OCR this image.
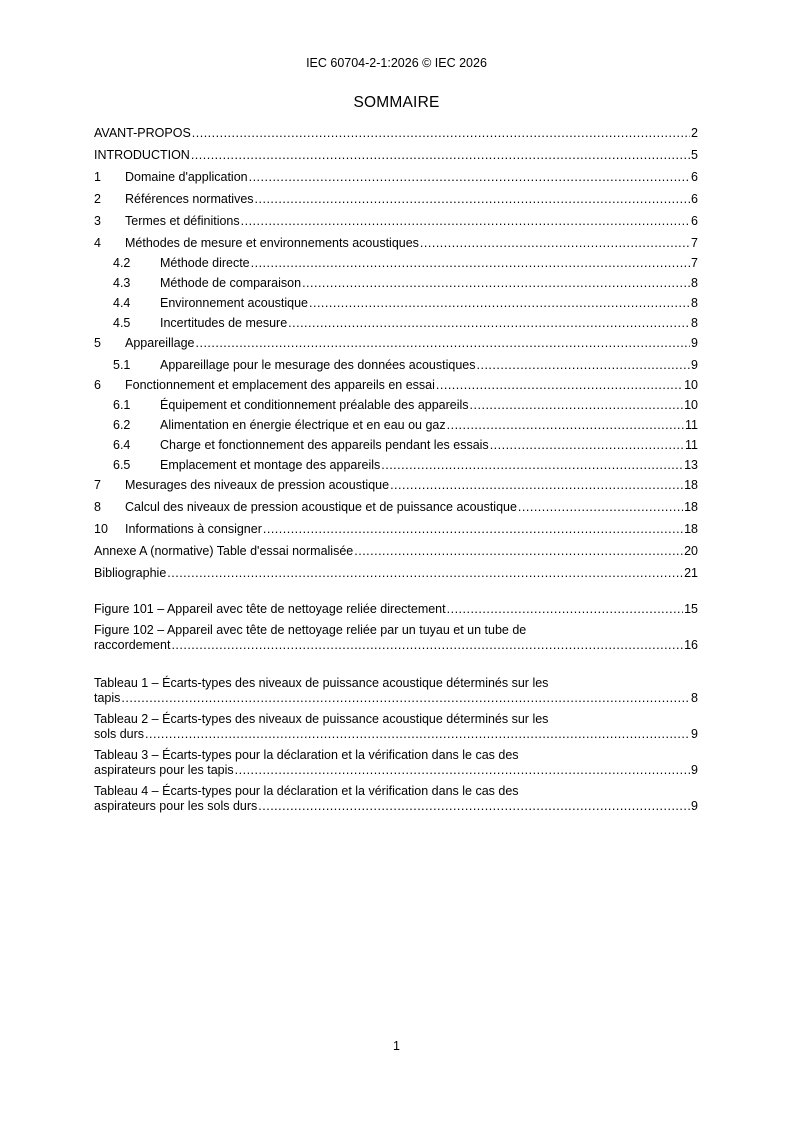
IEC 60704-2-1:2026 © IEC 2026
SOMMAIRE
AVANT-PROPOS .....	2
INTRODUCTION .....	5
1	Domaine d'application .....	6
2	Références normatives .....	6
3	Termes et définitions .....	6
4	Méthodes de mesure et environnements acoustiques .....	7
4.2	Méthode directe .....	7
4.3	Méthode de comparaison .....	8
4.4	Environnement acoustique .....	8
4.5	Incertitudes de mesure .....	8
5	Appareillage .....	9
5.1	Appareillage pour le mesurage des données acoustiques .....	9
6	Fonctionnement et emplacement des appareils en essai .....	10
6.1	Équipement et conditionnement préalable des appareils .....	10
6.2	Alimentation en énergie électrique et en eau ou gaz .....	11
6.4	Charge et fonctionnement des appareils pendant les essais .....	11
6.5	Emplacement et montage des appareils .....	13
7	Mesurages des niveaux de pression acoustique .....	18
8	Calcul des niveaux de pression acoustique et de puissance acoustique .....	18
10	Informations à consigner .....	18
Annexe A (normative) Table d'essai normalisée .....	20
Bibliographie .....	21
Figure 101 – Appareil avec tête de nettoyage reliée directement .....	15
Figure 102 – Appareil avec tête de nettoyage reliée par un tuyau et un tube de
raccordement .....	16
Tableau 1 – Écarts-types des niveaux de puissance acoustique déterminés sur les
tapis .....	8
Tableau 2 – Écarts-types des niveaux de puissance acoustique déterminés sur les
sols durs .....	9
Tableau 3 – Écarts-types pour la déclaration et la vérification dans le cas des
aspirateurs pour les tapis .....	9
Tableau 4 – Écarts-types pour la déclaration et la vérification dans le cas des
aspirateurs pour les sols durs .....	9
1
